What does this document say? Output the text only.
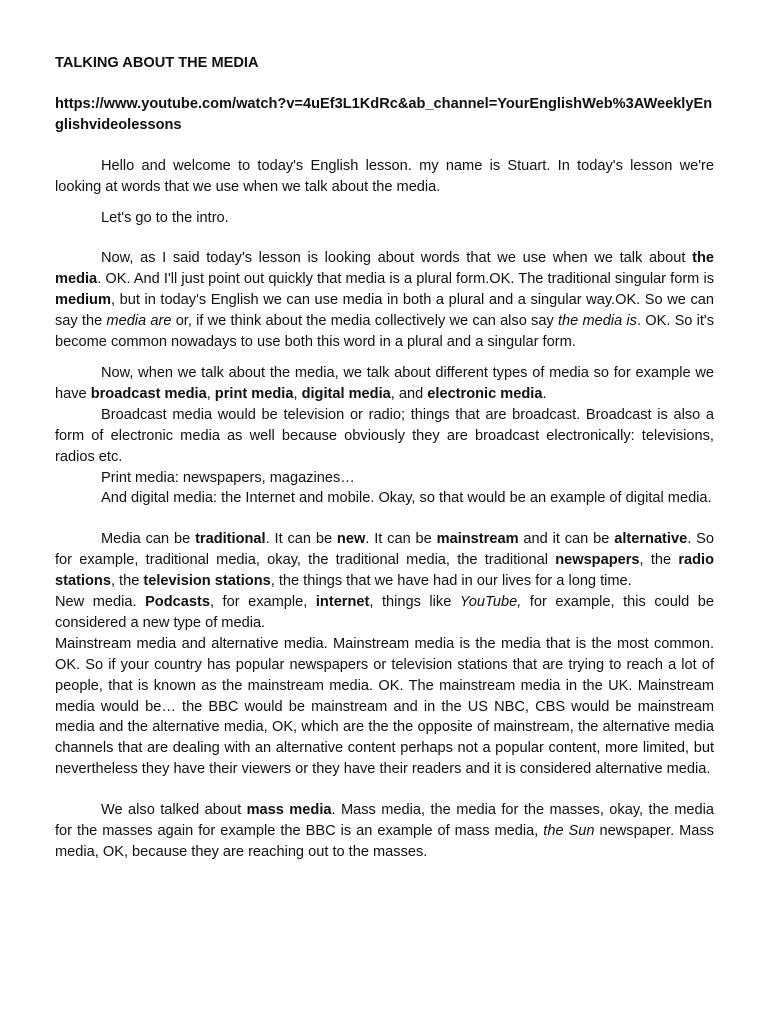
TALKING ABOUT THE MEDIA
https://www.youtube.com/watch?v=4uEf3L1KdRc&ab_channel=YourEnglishWeb%3AWeeklyEnglishvideolessons

Hello and welcome to today's English lesson. my name is Stuart. In today's lesson we're looking at words that we use when we talk about the media.

Let's go to the intro.

Now, as I said today's lesson is looking about words that we use when we talk about the media. OK. And I'll just point out quickly that media is a plural form.OK. The traditional singular form is medium, but in today's English we can use media in both a plural and a singular way.OK. So we can say the media are or, if we think about the media collectively we can also say the media is. OK. So it's become common nowadays to use both this word in a plural and a singular form.

Now, when we talk about the media, we talk about different types of media so for example we have broadcast media, print media, digital media, and electronic media.

Broadcast media would be television or radio; things that are broadcast. Broadcast is also a form of electronic media as well because obviously they are broadcast electronically: televisions, radios etc.

Print media: newspapers, magazines…

And digital media: the Internet and mobile. Okay, so that would be an example of digital media.

Media can be traditional. It can be new. It can be mainstream and it can be alternative. So for example, traditional media, okay, the traditional media, the traditional newspapers, the radio stations, the television stations, the things that we have had in our lives for a long time.

New media. Podcasts, for example, internet, things like YouTube, for example, this could be considered a new type of media.

Mainstream media and alternative media. Mainstream media is the media that is the most common. OK. So if your country has popular newspapers or television stations that are trying to reach a lot of people, that is known as the mainstream media. OK. The mainstream media in the UK. Mainstream media would be… the BBC would be mainstream and in the US NBC, CBS would be mainstream media and the alternative media, OK, which are the the opposite of mainstream, the alternative media channels that are dealing with an alternative content perhaps not a popular content, more limited, but nevertheless they have their viewers or they have their readers and it is considered alternative media.

We also talked about mass media. Mass media, the media for the masses, okay, the media for the masses again for example the BBC is an example of mass media, the Sun newspaper. Mass media, OK, because they are reaching out to the masses.
